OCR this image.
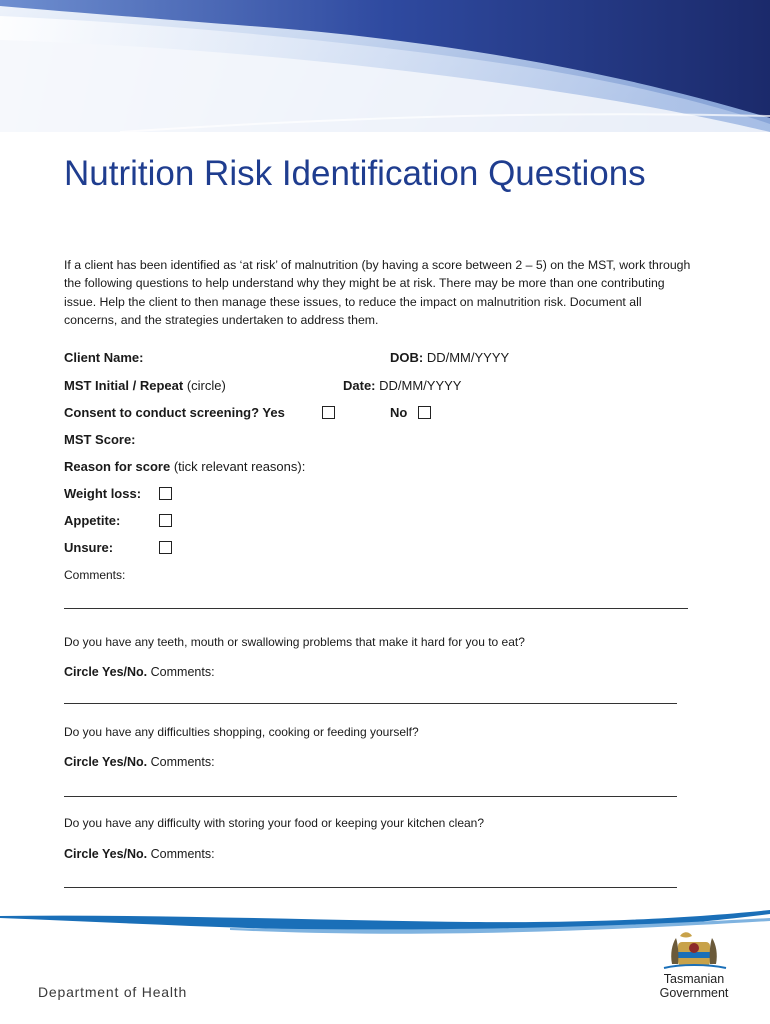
Nutrition Risk Identification Questions

If a client has been identified as ‘at risk’ of malnutrition (by having a score between 2 – 5) on the MST, work through the following questions to help understand why they might be at risk. There may be more than one contributing issue. Help the client to then manage these issues, to reduce the impact on malnutrition risk. Document all concerns, and the strategies undertaken to address them.

Client Name:	DOB: DD/MM/YYYY
MST Initial / Repeat (circle)	Date: DD/MM/YYYY
Consent to conduct screening? Yes	No
MST Score:
Reason for score (tick relevant reasons):
Weight loss:
Appetite:
Unsure:
Comments:
Do you have any teeth, mouth or swallowing problems that make it hard for you to eat?
Circle Yes/No. Comments:
Do you have any difficulties shopping, cooking or feeding yourself?
Circle Yes/No. Comments:
Do you have any difficulty with storing your food or keeping your kitchen clean?
Circle Yes/No. Comments:
Department of Health
Tasmanian
Government
